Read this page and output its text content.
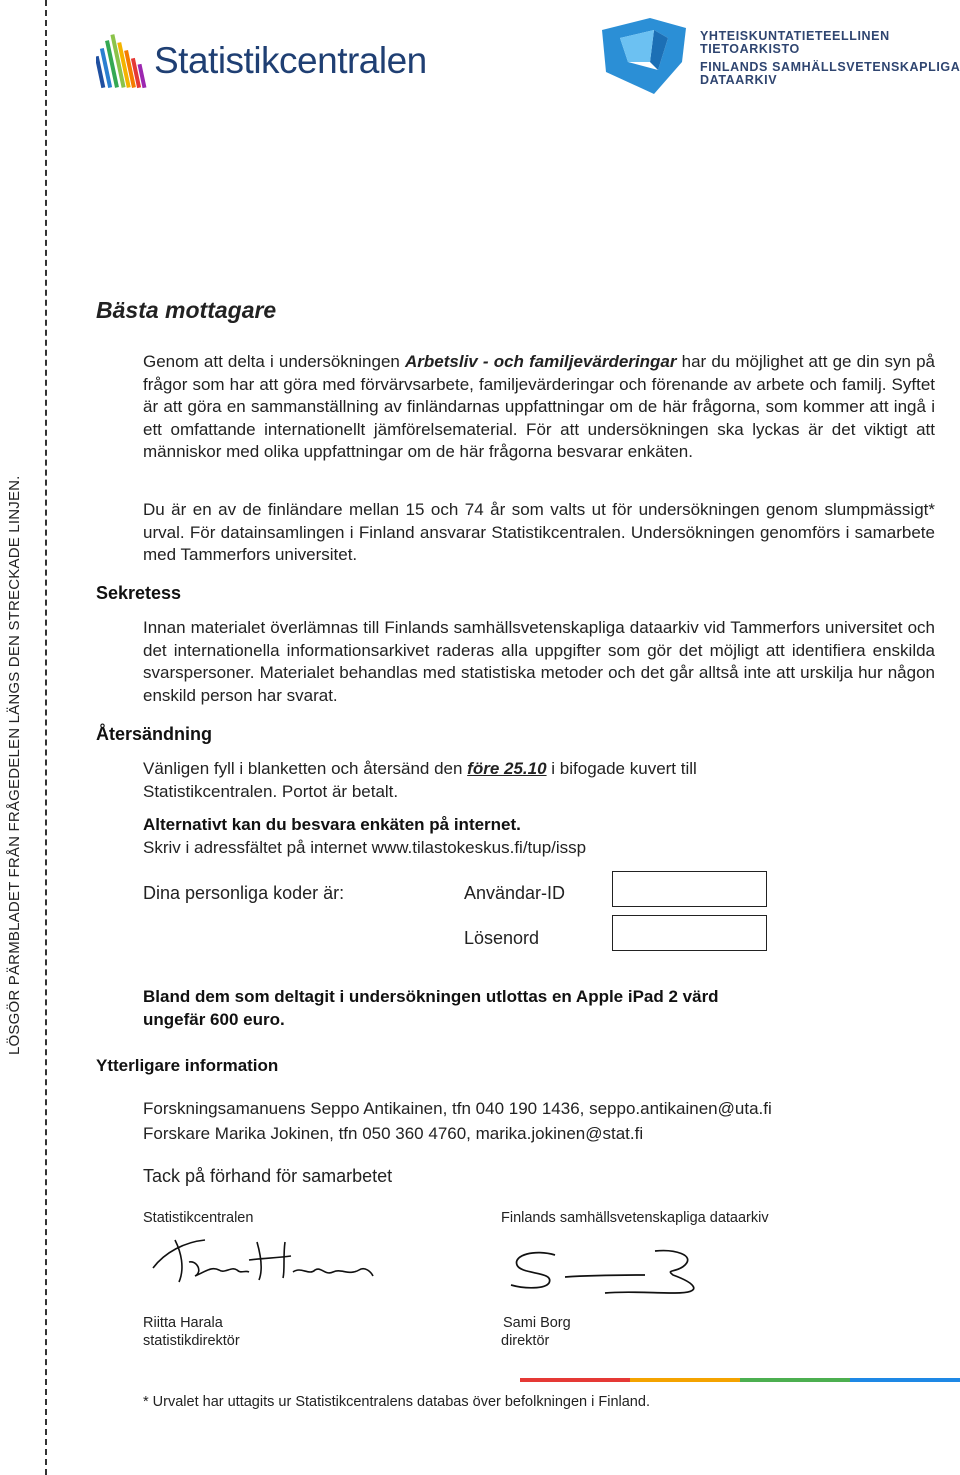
LÖSGÖR PÄRMBLADET FRÅN FRÅGEDELEN LÄNGS DEN STRECKADE LINJEN.
Statistikcentralen
YHTEISKUNTATIETEELLINEN
TIETOARKISTO
FINLANDS SAMHÄLLSVETENSKAPLIGA
DATAARKIV
Bästa mottagare
Genom att delta i undersökningen Arbetsliv - och familjevärderingar har du möjlighet att ge din syn på frågor som har att göra med förvärvsarbete, familjevärderingar och förenande av arbete och familj. Syftet är att göra en sammanställning av finländarnas uppfattningar om de här frågorna, som kommer att ingå i ett omfattande internationellt jämförelsematerial. För att undersökningen ska lyckas är det viktigt att människor med olika uppfattningar om de här frågorna besvarar enkäten.
Du är en av de finländare mellan 15 och 74 år som valts ut för undersökningen genom slumpmässigt* urval. För datainsamlingen i Finland ansvarar Statistikcentralen. Undersökningen genomförs i samarbete med Tammerfors universitet.
Sekretess
Innan materialet överlämnas till Finlands samhällsvetenskapliga dataarkiv vid Tammerfors universitet och det internationella informationsarkivet raderas alla uppgifter som gör det möjligt att identifiera enskilda svarspersoner. Materialet behandlas med statistiska metoder och det går alltså inte att urskilja hur någon enskild person har svarat.
Återsändning
Vänligen fyll i blanketten och återsänd den före 25.10 i bifogade kuvert till
Statistikcentralen. Portot är betalt.
Alternativt kan du besvara enkäten på internet.
Skriv i adressfältet på internet www.tilastokeskus.fi/tup/issp
Dina personliga koder är:	Användar-ID
Lösenord
Bland dem som deltagit i undersökningen utlottas en Apple iPad 2 värd
ungefär 600 euro.
Ytterligare information
Forskningsamanuens Seppo Antikainen, tfn 040 190 1436, seppo.antikainen@uta.fi
Forskare Marika Jokinen, tfn 050 360 4760, marika.jokinen@stat.fi
Tack på förhand för samarbetet
Statistikcentralen	Finlands samhällsvetenskapliga dataarkiv
Riitta Harala
statistikdirektör
Sami Borg
direktör
* Urvalet har uttagits ur Statistikcentralens databas över befolkningen i Finland.
